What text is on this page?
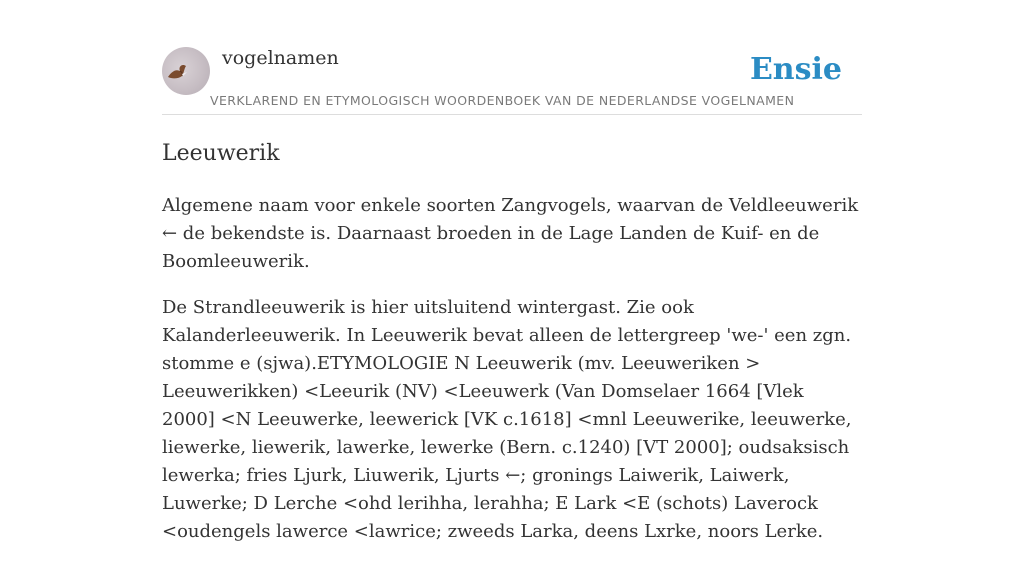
vogelnamen	Ensie
VERKLAREND EN ETYMOLOGISCH WOORDENBOEK VAN DE NEDERLANDSE VOGELNAMEN
Leeuwerik

Algemene naam voor enkele soorten Zangvogels, waarvan de Veldleeuwerik ← de bekendste is. Daarnaast broeden in de Lage Landen de Kuif- en de Boomleeuwerik.

De Strandleeuwerik is hier uitsluitend wintergast. Zie ook Kalanderleeuwerik. In Leeuwerik bevat alleen de lettergreep 'we-' een zgn. stomme e (sjwa).ETYMOLOGIE N Leeuwerik (mv. Leeuweriken > Leeuwerikken) <Leeurik (NV) <Leeuwerk (Van Domselaer 1664 [Vlek 2000] <N Leeuwerke, leewerick [VK c.1618] <mnl Leeuwerike, leeuwerke, liewerke, liewerik, lawerke, lewerke (Bern. c.1240) [VT 2000]; oudsaksisch lewerka; fries Ljurk, Liuwerik, Ljurts ←; gronings Laiwerik, Laiwerk, Luwerke; D Lerche <ohd lerihha, lerahha; E Lark <E (schots) Laverock <oudengels lawerce <lawrice; zweeds Larka, deens Lxrke, noors Lerke.
